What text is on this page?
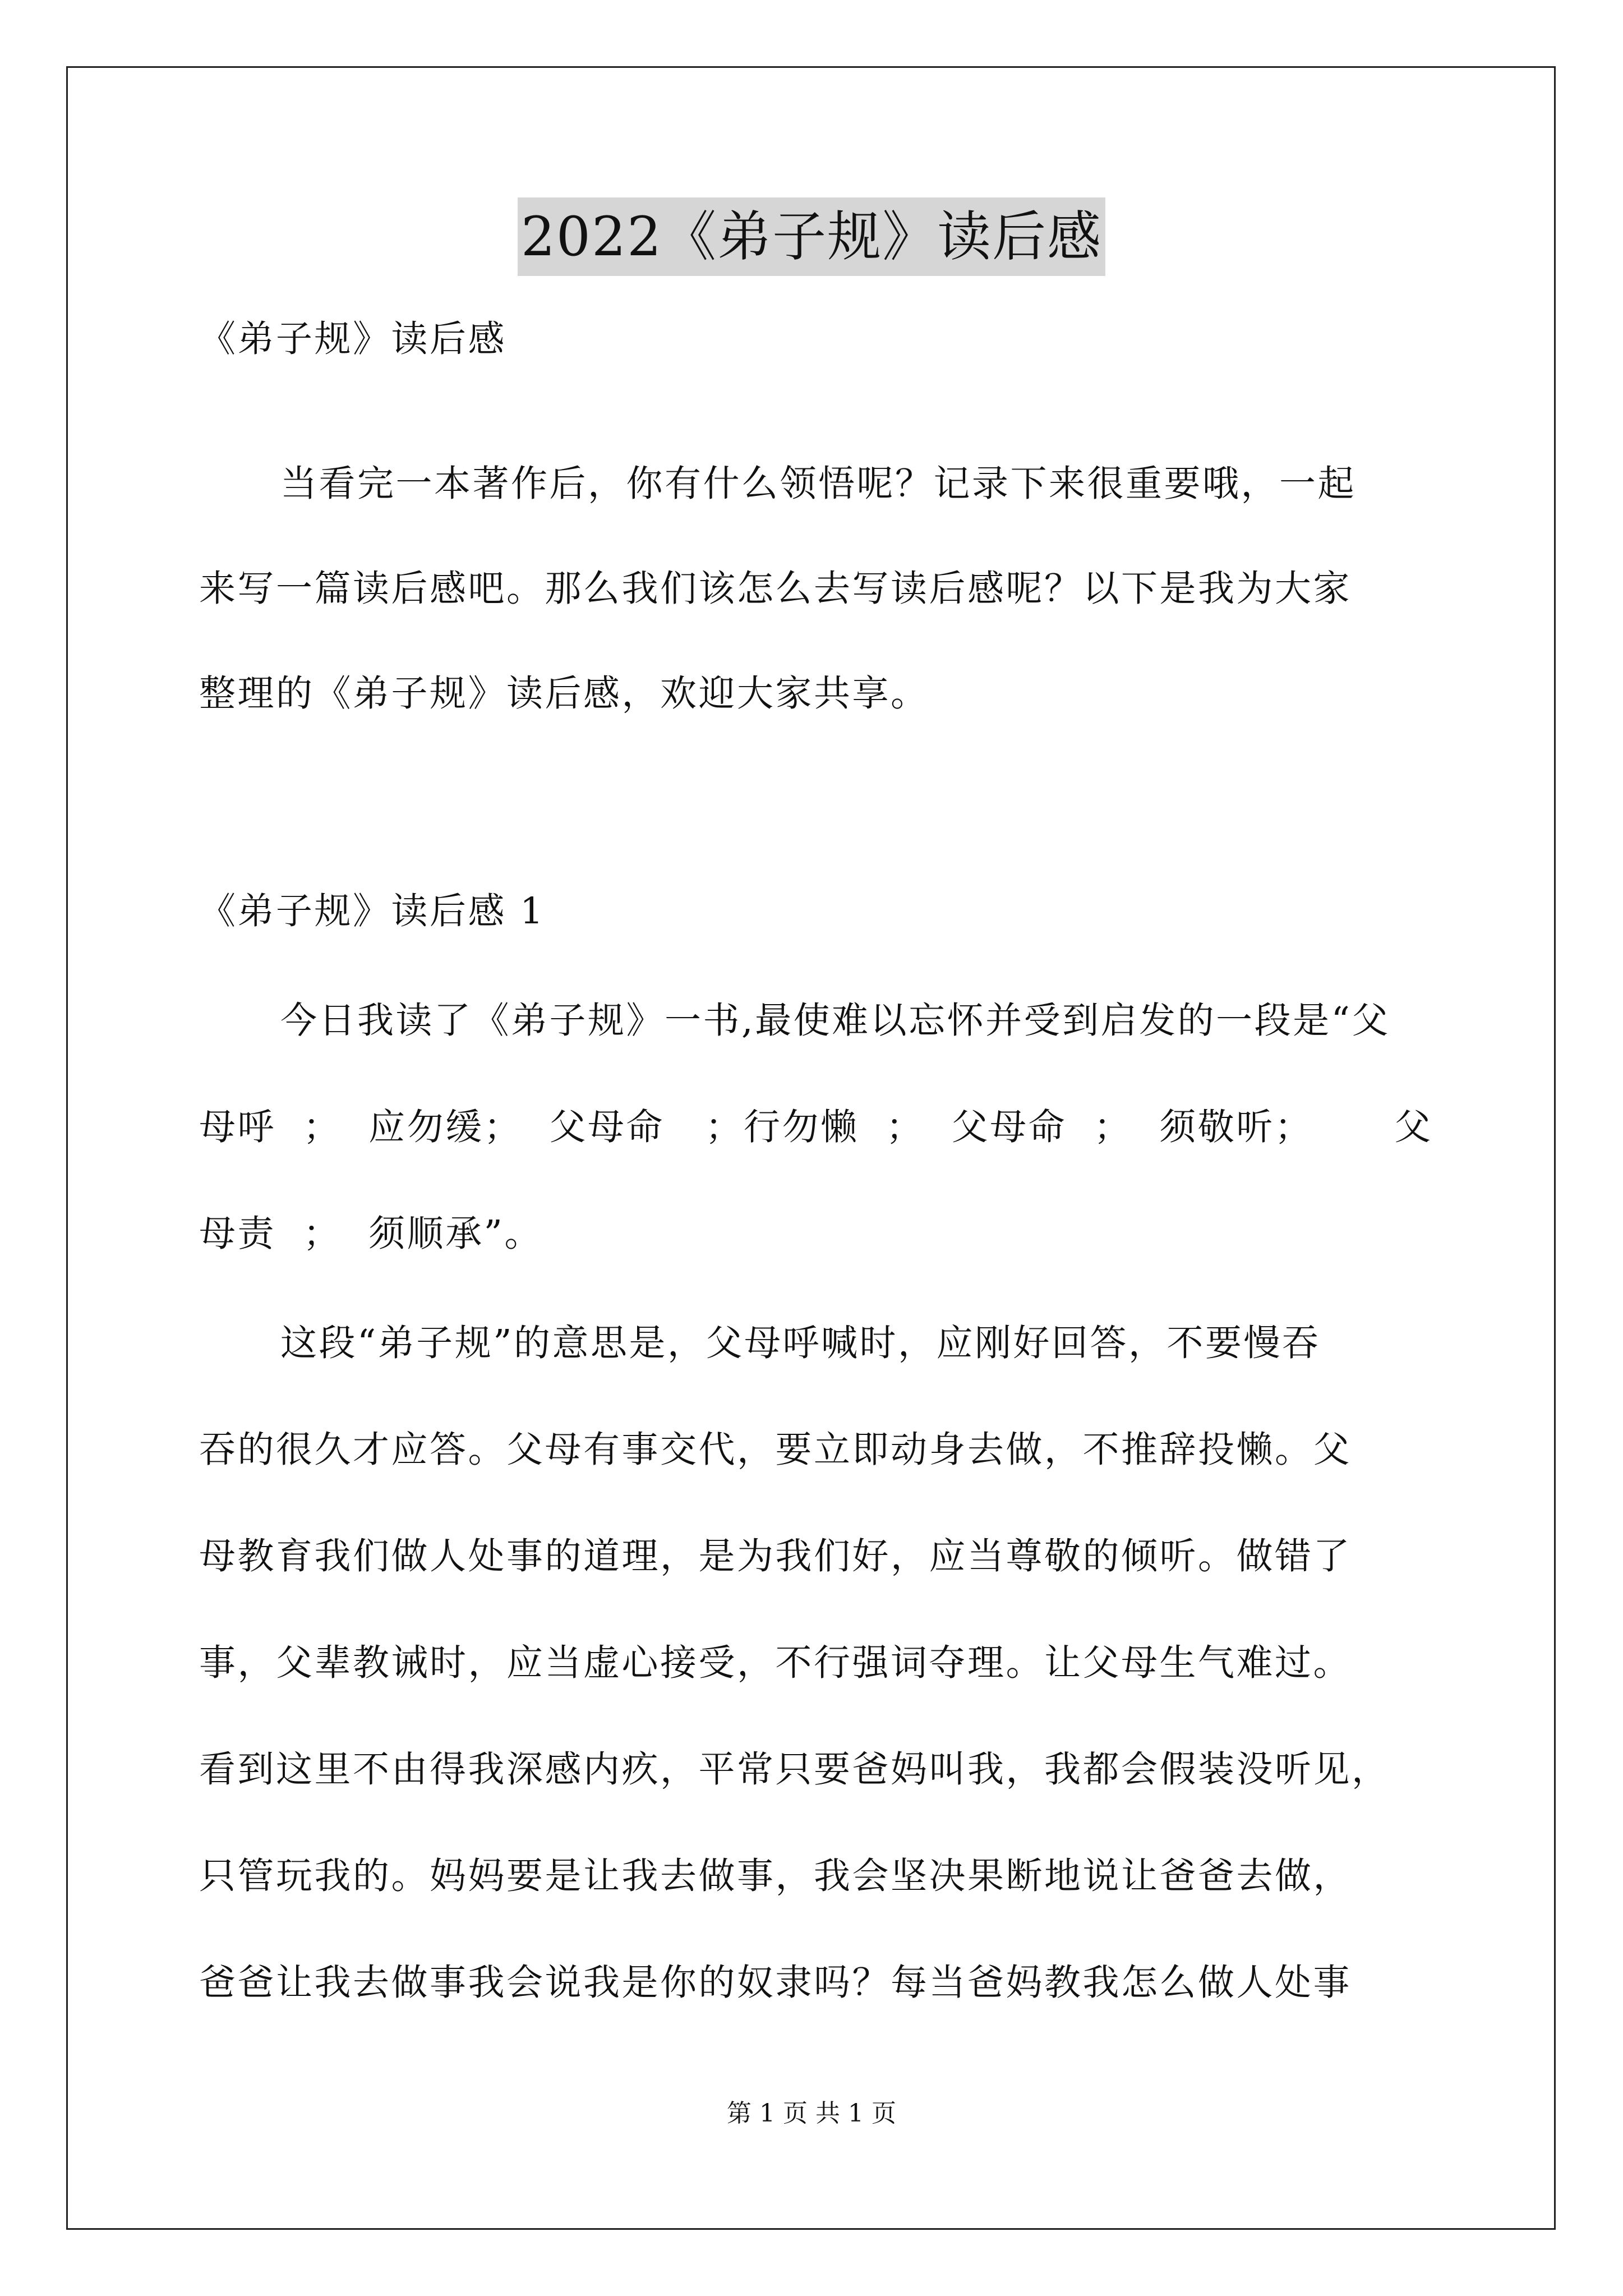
2022《弟子规》读后感
《弟子规》读后感
当看完一本著作后，你有什么领悟呢？记录下来很重要哦，一起
来写一篇读后感吧。那么我们该怎么去写读后感呢？以下是我为大家
整理的《弟子规》读后感，欢迎大家共享。
《弟子规》读后感 1
今日我读了《弟子规》一书,最使难以忘怀并受到启发的一段是“父
母呼  ；  应勿缓；  父母命   ；行勿懒  ；  父母命  ；  须敬听；      父
母责  ；  须顺承”。
这段“弟子规”的意思是，父母呼喊时，应刚好回答，不要慢吞
吞的很久才应答。父母有事交代，要立即动身去做，不推辞投懒。父
母教育我们做人处事的道理，是为我们好，应当尊敬的倾听。做错了
事，父辈教诫时，应当虚心接受，不行强词夺理。让父母生气难过。
看到这里不由得我深感内疚，平常只要爸妈叫我，我都会假装没听见，
只管玩我的。妈妈要是让我去做事，我会坚决果断地说让爸爸去做，
爸爸让我去做事我会说我是你的奴隶吗？每当爸妈教我怎么做人处事
第 1 页 共 1 页
